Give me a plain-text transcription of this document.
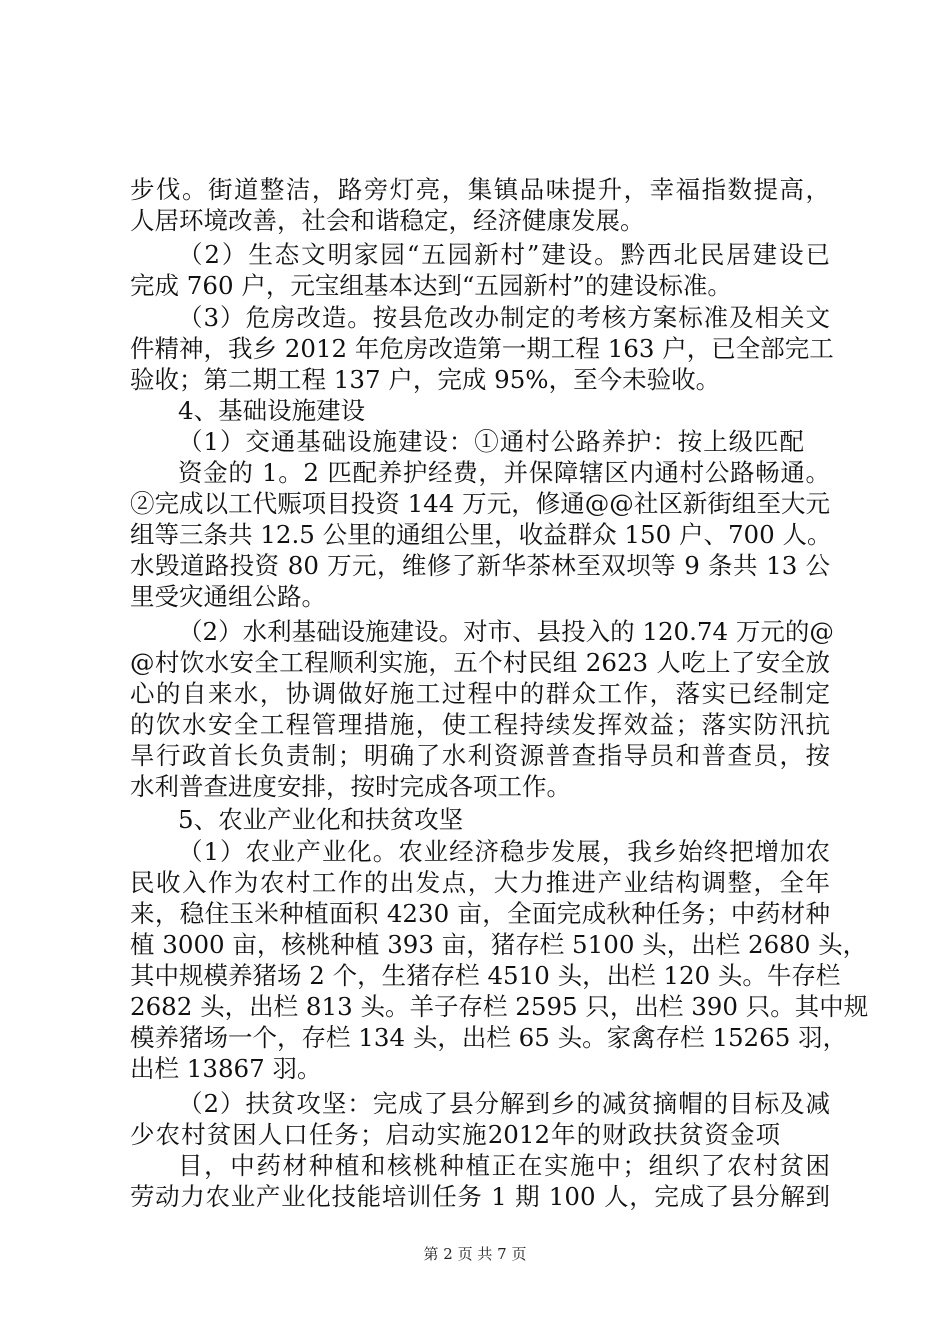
步伐。街道整洁，路旁灯亮，集镇品味提升，幸福指数提高，
人居环境改善，社会和谐稳定，经济健康发展。
（2）生态文明家园“五园新村”建设。黔西北民居建设已
完成 760 户，元宝组基本达到“五园新村”的建设标准。
（3）危房改造。按县危改办制定的考核方案标准及相关文
件精神，我乡 2012 年危房改造第一期工程 163 户，已全部完工
验收；第二期工程 137 户，完成 95%，至今未验收。
4、基础设施建设
（1）交通基础设施建设：①通村公路养护：按上级匹配
资金的 1。2 匹配养护经费，并保障辖区内通村公路畅通。
②完成以工代赈项目投资 144 万元，修通@@社区新街组至大元
组等三条共 12.5 公里的通组公里，收益群众 150 户、700 人。
水毁道路投资 80 万元，维修了新华茶林至双坝等 9 条共 13 公
里受灾通组公路。
（2）水利基础设施建设。对市、县投入的 120.74 万元的@
@村饮水安全工程顺利实施，五个村民组 2623 人吃上了安全放
心的自来水，协调做好施工过程中的群众工作，落实已经制定
的饮水安全工程管理措施，使工程持续发挥效益；落实防汛抗
旱行政首长负责制；明确了水利资源普查指导员和普查员，按
水利普查进度安排，按时完成各项工作。
5、农业产业化和扶贫攻坚
（1）农业产业化。农业经济稳步发展，我乡始终把增加农
民收入作为农村工作的出发点，大力推进产业结构调整，全年
来，稳住玉米种植面积 4230 亩，全面完成秋种任务；中药材种
植 3000 亩，核桃种植 393 亩，猪存栏 5100 头，出栏 2680 头，
其中规模养猪场 2 个，生猪存栏 4510 头，出栏 120 头。牛存栏
2682 头，出栏 813 头。羊子存栏 2595 只，出栏 390 只。其中规
模养猪场一个，存栏 134 头，出栏 65 头。家禽存栏 15265 羽，
出栏 13867 羽。
（2）扶贫攻坚：完成了县分解到乡的减贫摘帽的目标及减
少农村贫困人口任务；启动实施2012年的财政扶贫资金项
目，中药材种植和核桃种植正在实施中；组织了农村贫困
劳动力农业产业化技能培训任务 1 期 100 人，完成了县分解到
第 2 页 共 7 页
